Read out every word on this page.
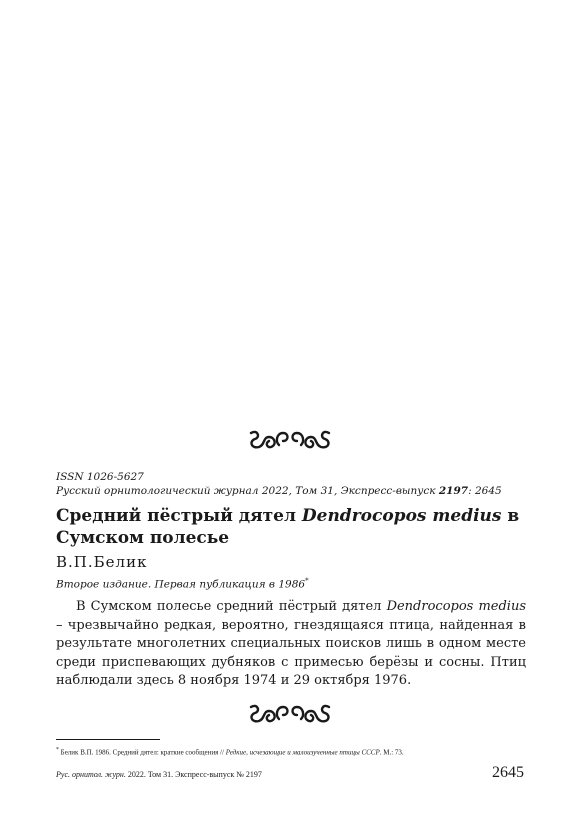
ISSN 1026-5627
Русский орнитологический журнал 2022, Том 31, Экспресс-выпуск 2197: 2645
Средний пёстрый дятел Dendrocopos medius в Сумском полесье
В.П.Белик
Второе издание. Первая публикация в 1986*
В Сумском полесье средний пёстрый дятел Dendrocopos medius – чрезвычайно редкая, вероятно, гнездящаяся птица, найденная в результате многолетних специальных поисков лишь в одном месте среди приспевающих дубняков с примесью берёзы и сосны. Птиц наблюдали здесь 8 ноября 1974 и 29 октября 1976.
* Белик В.П. 1986. Средний дятел: краткие сообщения // Редкие, исчезающие и малоизученные птицы СССР. М.: 73.
Рус. орнитол. журн. 2022. Том 31. Экспресс-выпуск № 2197	2645
